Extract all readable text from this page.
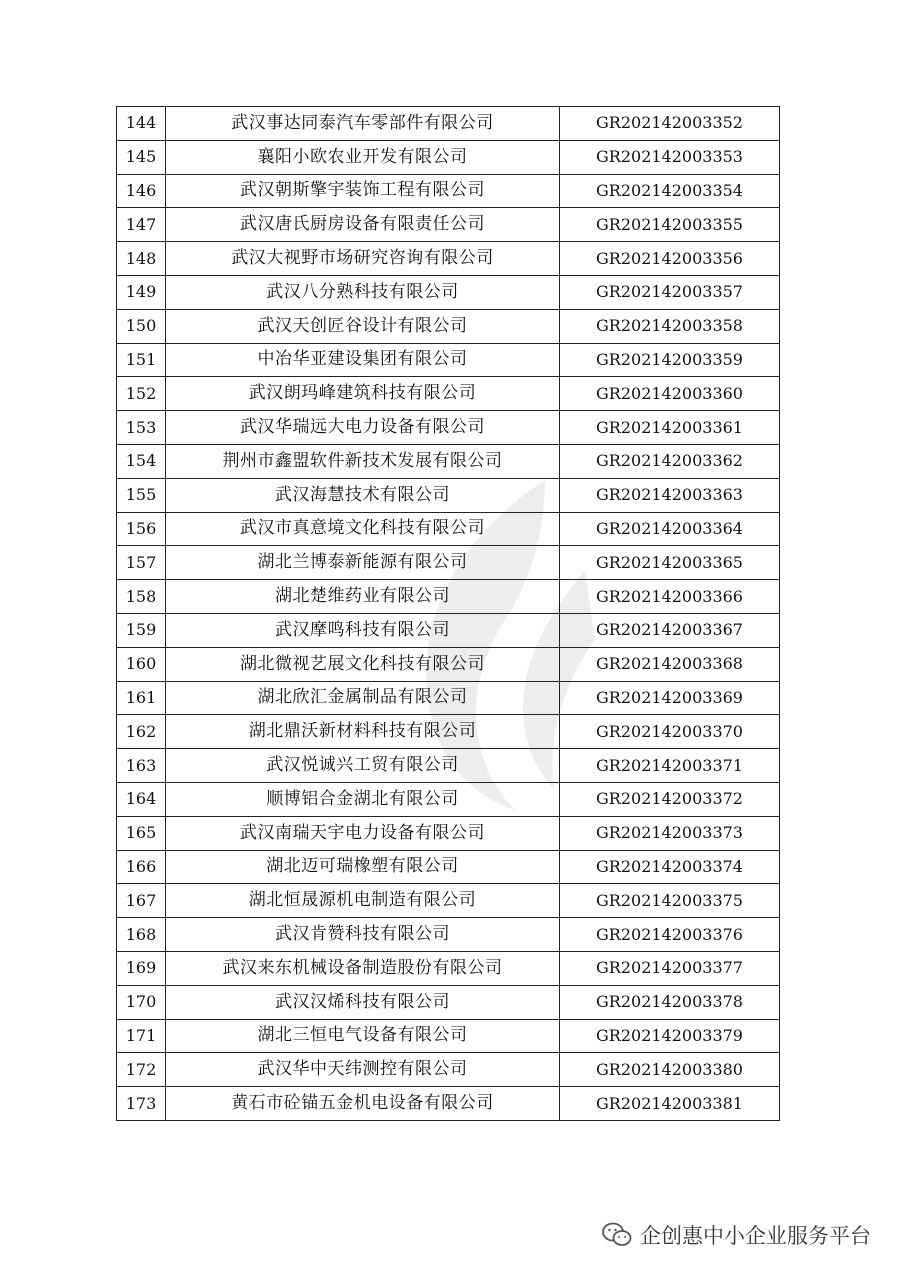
144	武汉事达同泰汽车零部件有限公司	GR202142003352
145	襄阳小欧农业开发有限公司	GR202142003353
146	武汉朝斯擎宇装饰工程有限公司	GR202142003354
147	武汉唐氏厨房设备有限责任公司	GR202142003355
148	武汉大视野市场研究咨询有限公司	GR202142003356
149	武汉八分熟科技有限公司	GR202142003357
150	武汉天创匠谷设计有限公司	GR202142003358
151	中冶华亚建设集团有限公司	GR202142003359
152	武汉朗玛峰建筑科技有限公司	GR202142003360
153	武汉华瑞远大电力设备有限公司	GR202142003361
154	荆州市鑫盟软件新技术发展有限公司	GR202142003362
155	武汉海慧技术有限公司	GR202142003363
156	武汉市真意境文化科技有限公司	GR202142003364
157	湖北兰博泰新能源有限公司	GR202142003365
158	湖北楚维药业有限公司	GR202142003366
159	武汉摩鸣科技有限公司	GR202142003367
160	湖北微视艺展文化科技有限公司	GR202142003368
161	湖北欣汇金属制品有限公司	GR202142003369
162	湖北鼎沃新材料科技有限公司	GR202142003370
163	武汉悦诚兴工贸有限公司	GR202142003371
164	顺博铝合金湖北有限公司	GR202142003372
165	武汉南瑞天宇电力设备有限公司	GR202142003373
166	湖北迈可瑞橡塑有限公司	GR202142003374
167	湖北恒晟源机电制造有限公司	GR202142003375
168	武汉肯赞科技有限公司	GR202142003376
169	武汉来东机械设备制造股份有限公司	GR202142003377
170	武汉汉烯科技有限公司	GR202142003378
171	湖北三恒电气设备有限公司	GR202142003379
172	武汉华中天纬测控有限公司	GR202142003380
173	黄石市砼锚五金机电设备有限公司	GR202142003381
企创惠中小企业服务平台
